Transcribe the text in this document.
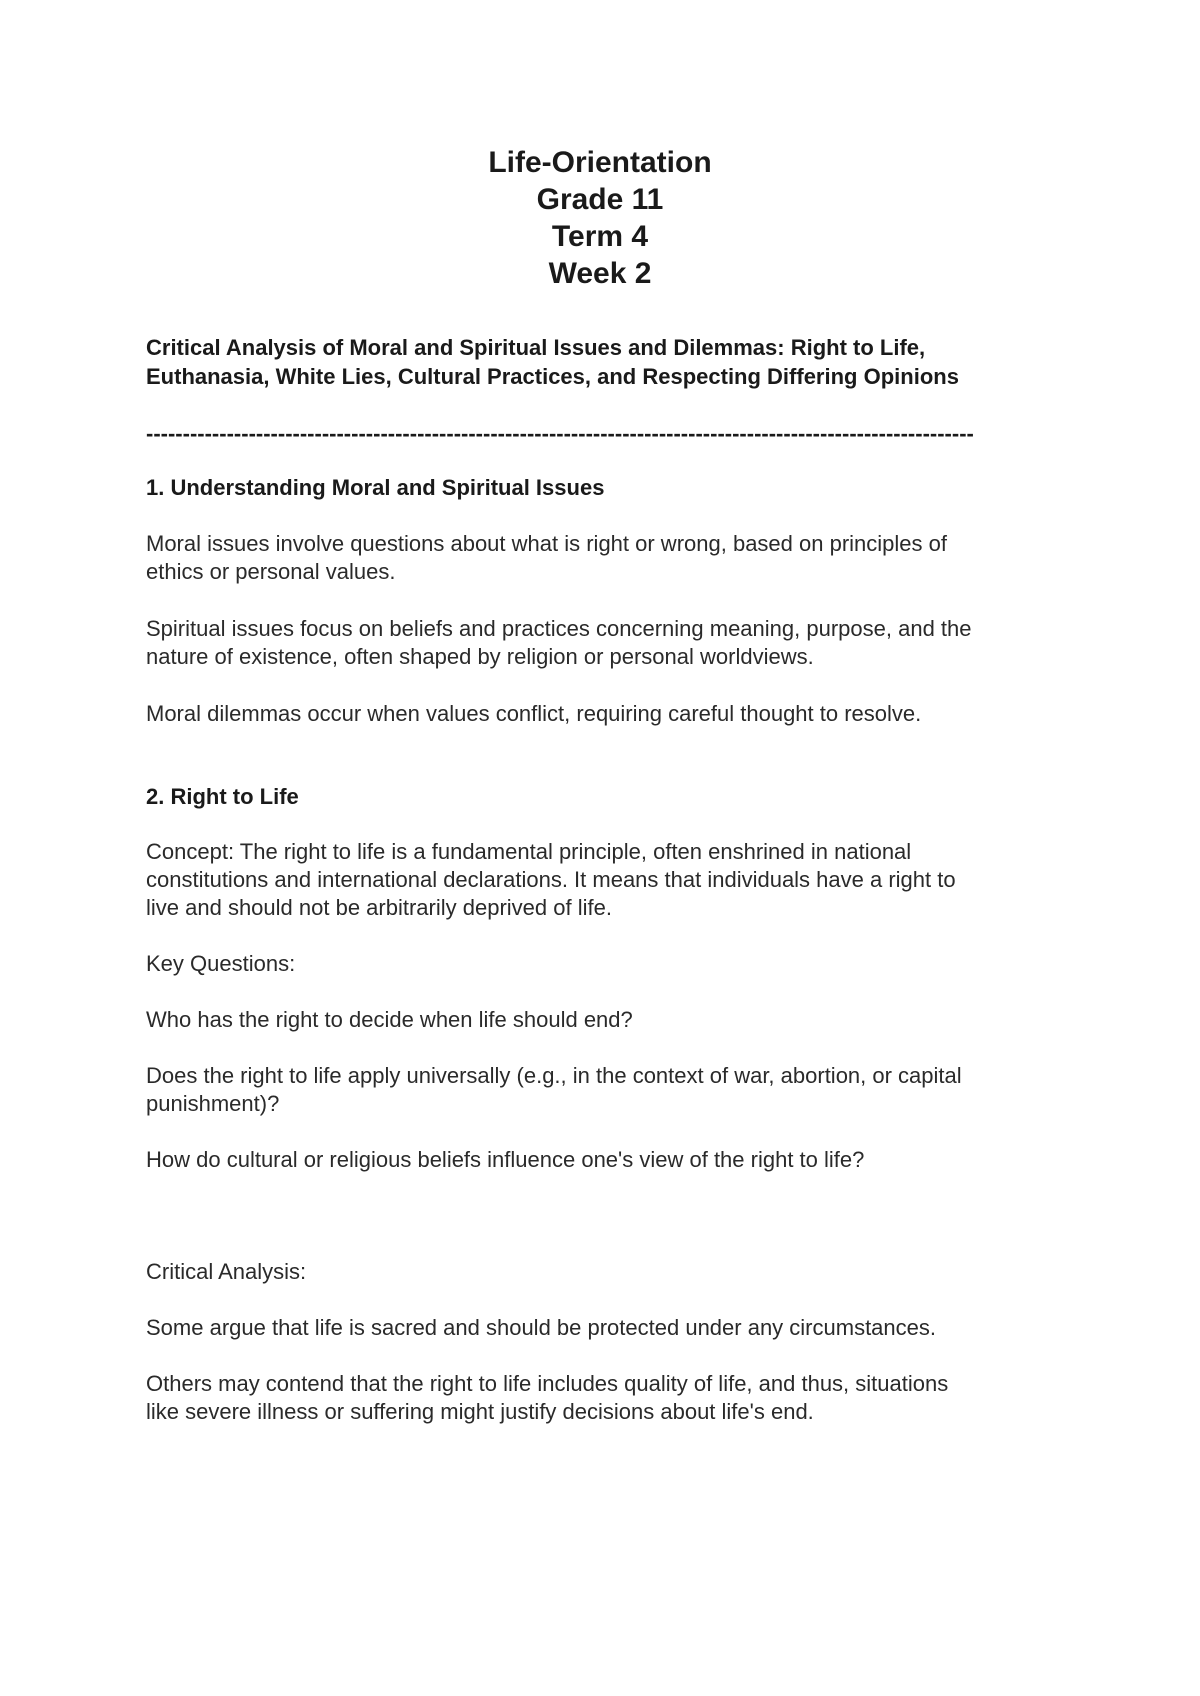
Life-Orientation

Grade 11

Term 4

Week 2

Critical Analysis of Moral and Spiritual Issues and Dilemmas: Right to Life,

Euthanasia, White Lies, Cultural Practices, and Respecting Differing Opinions

-----------------------------------------------------------------------------------------------------------------

1. Understanding Moral and Spiritual Issues

Moral issues involve questions about what is right or wrong, based on principles of

ethics or personal values.

Spiritual issues focus on beliefs and practices concerning meaning, purpose, and the

nature of existence, often shaped by religion or personal worldviews.

Moral dilemmas occur when values conflict, requiring careful thought to resolve.

2. Right to Life

Concept: The right to life is a fundamental principle, often enshrined in national

constitutions and international declarations. It means that individuals have a right to

live and should not be arbitrarily deprived of life.

Key Questions:

Who has the right to decide when life should end?

Does the right to life apply universally (e.g., in the context of war, abortion, or capital

punishment)?

How do cultural or religious beliefs influence one's view of the right to life?

Critical Analysis:

Some argue that life is sacred and should be protected under any circumstances.

Others may contend that the right to life includes quality of life, and thus, situations

like severe illness or suffering might justify decisions about life's end.
